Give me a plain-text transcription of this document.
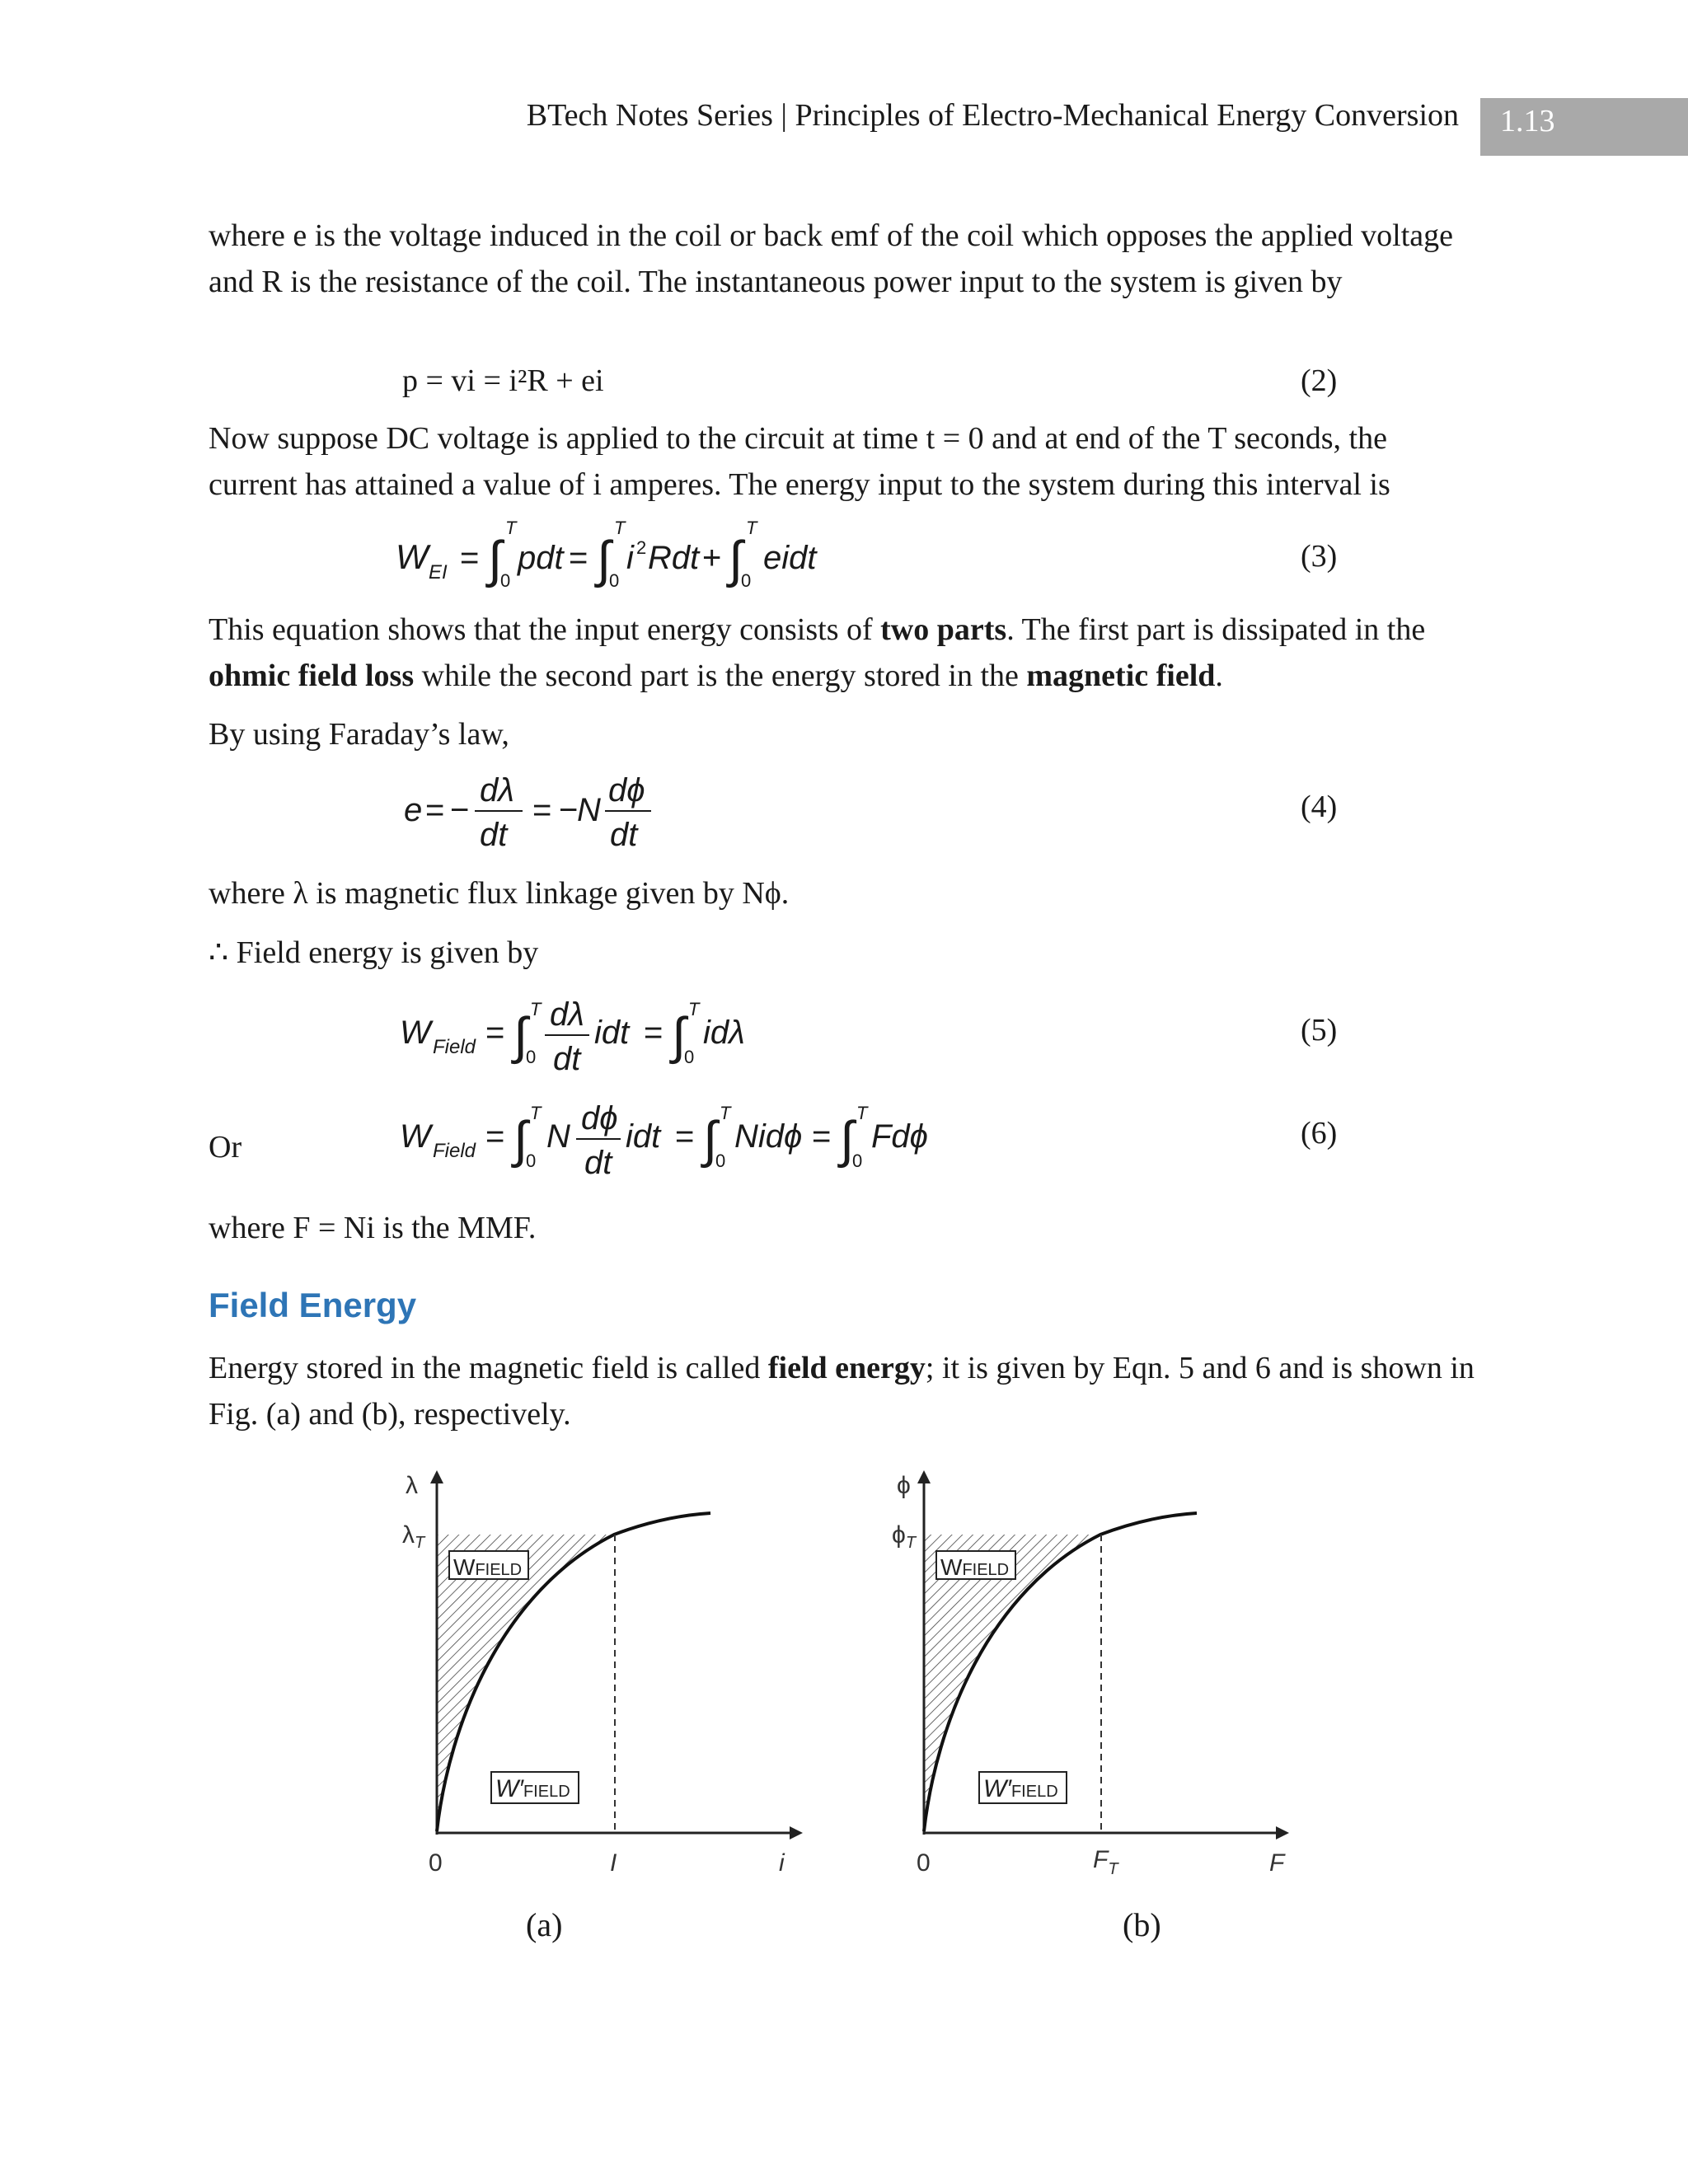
BTech Notes Series | Principles of Electro-Mechanical Energy Conversion	1.13

where e is the voltage induced in the coil or back emf of the coil which opposes the applied voltage and R is the resistance of the coil. The instantaneous power input to the system is given by

p = vi = i²R + ei	(2)

Now suppose DC voltage is applied to the circuit at time t = 0 and at end of the T seconds, the current has attained a value of i amperes. The energy input to the system during this interval is

W EI = ∫
T
0
pdt = ∫
T
0
i 2 Rdt + ∫
T
0
eidt	(3)

This equation shows that the input energy consists of two parts. The first part is dissipated in the ohmic field loss while the second part is the energy stored in the magnetic field.

By using Faraday’s law,

e = −
dλ
dt
= −
N
dϕ
dt
(4)

where λ is magnetic flux linkage given by Nϕ.

∴ Field energy is given by

W Field = ∫ T
0
dλ
dt
idt = ∫ T
0
idλ	(5)
Or	W Field = ∫ T
0
N dϕ
dt
idt = ∫ T
0
Nidϕ = ∫ T
0
Fdϕ	(6)

where F = Ni is the MMF.

Field Energy

Energy stored in the magnetic field is called field energy; it is given by Eqn. 5 and 6 and is shown in Fig. (a) and (b), respectively.

WFIELD
W′FIELD
λ
$\lambda_T$
0	I	i
WFIELD
W′FIELD
ϕ
$\phi_T$
0	$F_T$	F
(a)	(b)
